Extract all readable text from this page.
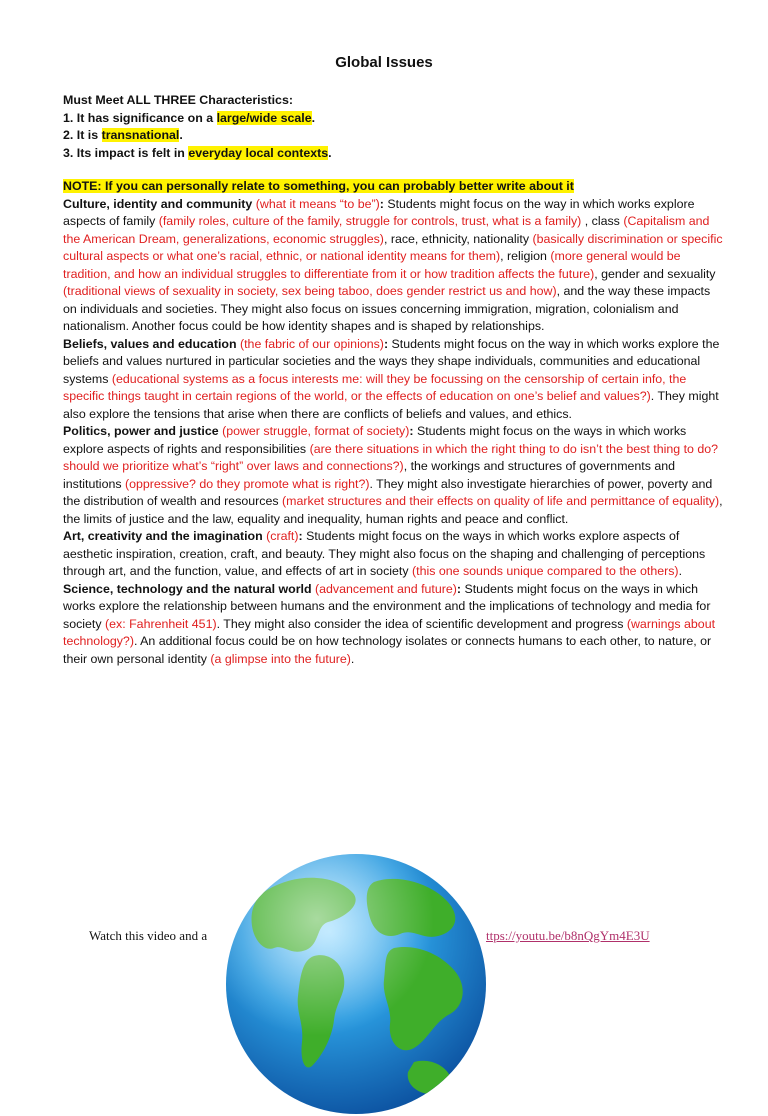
Global Issues

Must Meet ALL THREE Characteristics:

1. It has significance on a large/wide scale.

2. It is transnational.

3. Its impact is felt in everyday local contexts.

NOTE: If you can personally relate to something, you can probably better write about it

Culture, identity and community (what it means “to be”): Students might focus on the way in which works explore aspects of family (family roles, culture of the family, struggle for controls, trust, what is a family) , class (Capitalism and the American Dream, generalizations, economic struggles), race, ethnicity, nationality (basically discrimination or specific cultural aspects or what one’s racial, ethnic, or national identity means for them), religion (more general would be tradition, and how an individual struggles to differentiate from it or how tradition affects the future), gender and sexuality (traditional views of sexuality in society, sex being taboo, does gender restrict us and how), and the way these impacts on individuals and societies. They might also focus on issues concerning immigration, migration, colonialism and nationalism. Another focus could be how identity shapes and is shaped by relationships.

Beliefs, values and education (the fabric of our opinions): Students might focus on the way in which works explore the beliefs and values nurtured in particular societies and the ways they shape individuals, communities and educational systems (educational systems as a focus interests me: will they be focussing on the censorship of certain info, the specific things taught in certain regions of the world, or the effects of education on one’s belief and values?). They might also explore the tensions that arise when there are conflicts of beliefs and values, and ethics.

Politics, power and justice (power struggle, format of society): Students might focus on the ways in which works explore aspects of rights and responsibilities (are there situations in which the right thing to do isn’t the best thing to do? should we prioritize what’s “right” over laws and connections?), the workings and structures of governments and institutions (oppressive? do they promote what is right?). They might also investigate hierarchies of power, poverty and the distribution of wealth and resources (market structures and their effects on quality of life and permittance of equality), the limits of justice and the law, equality and inequality, human rights and peace and conflict.

Art, creativity and the imagination (craft): Students might focus on the ways in which works explore aspects of aesthetic inspiration, creation, craft, and beauty. They might also focus on the shaping and challenging of perceptions through art, and the function, value, and effects of art in society (this one sounds unique compared to the others).

Science, technology and the natural world (advancement and future): Students might focus on the ways in which works explore the relationship between humans and the environment and the implications of technology and media for society (ex: Fahrenheit 451). They might also consider the idea of scientific development and progress (warnings about technology?). An additional focus could be on how technology isolates or connects humans to each other, to nature, or their own personal identity (a glimpse into the future).

Watch this video and a	ttps://youtu.be/b8nQgYm4E3U
